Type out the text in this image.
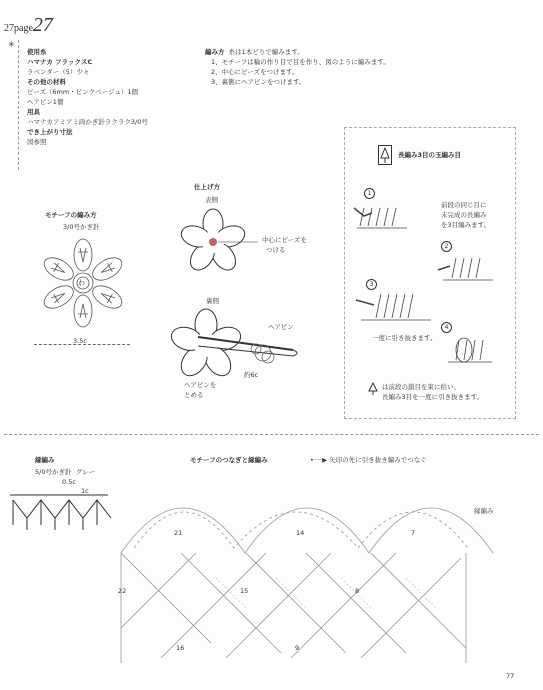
27page27
✳
使用糸
ハマナカ フラックスC
ラベンダー（5）少々
その他の材料
ビーズ（6mm・ピンクベージュ）1個
ヘアピン1個
用具
ハマナカアミアミ両かぎ針ラクラク3/0号
でき上がり寸法
図参照
編み方 糸は1本どりで編みます。
1、モチーフは輪の作り目で目を作り、図のように編みます。
2、中心にビーズをつけます。
3、裏側にヘアピンをつけます。
モチーフの編み方
3/0号かぎ針
わ
3.5c
仕上げ方
表側
中心にビーズを
つける
裏側
ヘアピン
約6c
ヘアピンを
とめる
長編み3目の玉編み目
1
前段の同じ目に
未完成の長編み
を3目編みます。
2
3
4
一度に引き抜きます。
は前段の鎖目を束に拾い、
長編み3目を一度に引き抜きます。
縁編み
5/0号かぎ針 グレー
0.5c
1c
モチーフのつなぎと縁編み	•····▶ 矢印の先に引き抜き編みでつなぐ
縁編み
21	14	7
22	15	8
16	9
77
